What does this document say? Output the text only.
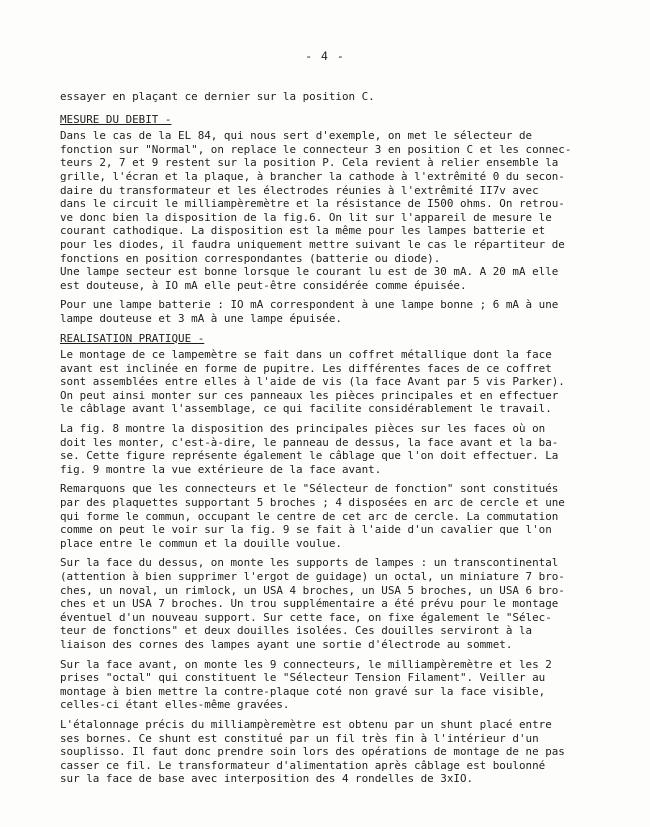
- 4 -
essayer en plaçant ce dernier sur la position C.
MESURE DU DEBIT -
Dans le cas de la EL 84, qui nous sert d'exemple, on met le sélecteur de
fonction sur "Normal", on replace le connecteur 3 en position C et les connec-
teurs 2, 7 et 9 restent sur la position P. Cela revient à relier ensemble la
grille, l'écran et la plaque, à brancher la cathode à l'extrêmité 0 du secon-
daire du transformateur et les électrodes réunies à l'extrêmité II7v avec
dans le circuit le milliampèremètre et la résistance de I500 ohms. On retrou-
ve donc bien la disposition de la fig.6. On lit sur l'appareil de mesure le
courant cathodique. La disposition est la même pour les lampes batterie et
pour les diodes, il faudra uniquement mettre suivant le cas le répartiteur de
fonctions en position correspondantes (batterie ou diode).
Une lampe secteur est bonne lorsque le courant lu est de 30 mA. A 20 mA elle
est douteuse, à IO mA elle peut-être considérée comme épuisée.
Pour une lampe batterie : IO mA correspondent à une lampe bonne ; 6 mA à une
lampe douteuse et 3 mA à une lampe épuisée.
REALISATION PRATIQUE -
Le montage de ce lampemètre se fait dans un coffret métallique dont la face
avant est inclinée en forme de pupitre. Les différentes faces de ce coffret
sont assemblées entre elles à l'aide de vis (la face Avant par 5 vis Parker).
On peut ainsi monter sur ces panneaux les pièces principales et en effectuer
le câblage avant l'assemblage, ce qui facilite considérablement le travail.
La fig. 8 montre la disposition des principales pièces sur les faces où on
doit les monter, c'est-à-dire, le panneau de dessus, la face avant et la ba-
se. Cette figure représente également le câblage que l'on doit effectuer. La
fig. 9 montre la vue extérieure de la face avant.
Remarquons que les connecteurs et le "Sélecteur de fonction" sont constitués
par des plaquettes supportant 5 broches ; 4 disposées en arc de cercle et une
qui forme le commun, occupant le centre de cet arc de cercle. La commutation
comme on peut le voir sur la fig. 9 se fait à l'aide d'un cavalier que l'on
place entre le commun et la douille voulue.
Sur la face du dessus, on monte les supports de lampes : un transcontinental
(attention à bien supprimer l'ergot de guidage) un octal, un miniature 7 bro-
ches, un noval, un rimlock, un USA 4 broches, un USA 5 broches, un USA 6 bro-
ches et un USA 7 broches. Un trou supplémentaire a été prévu pour le montage
éventuel d'un nouveau support. Sur cette face, on fixe également le "Sélec-
teur de fonctions" et deux douilles isolées. Ces douilles serviront à la
liaison des cornes des lampes ayant une sortie d'électrode au sommet.
Sur la face avant, on monte les 9 connecteurs, le milliampèremètre et les 2
prises "octal" qui constituent le "Sélecteur Tension Filament". Veiller au
montage à bien mettre la contre-plaque coté non gravé sur la face visible,
celles-ci étant elles-même gravées.
L'étalonnage précis du milliampèremètre est obtenu par un shunt placé entre
ses bornes. Ce shunt est constitué par un fil très fin à l'intérieur d'un
souplisso. Il faut donc prendre soin lors des opérations de montage de ne pas
casser ce fil. Le transformateur d'alimentation après câblage est boulonné
sur la face de base avec interposition des 4 rondelles de 3xIO.
